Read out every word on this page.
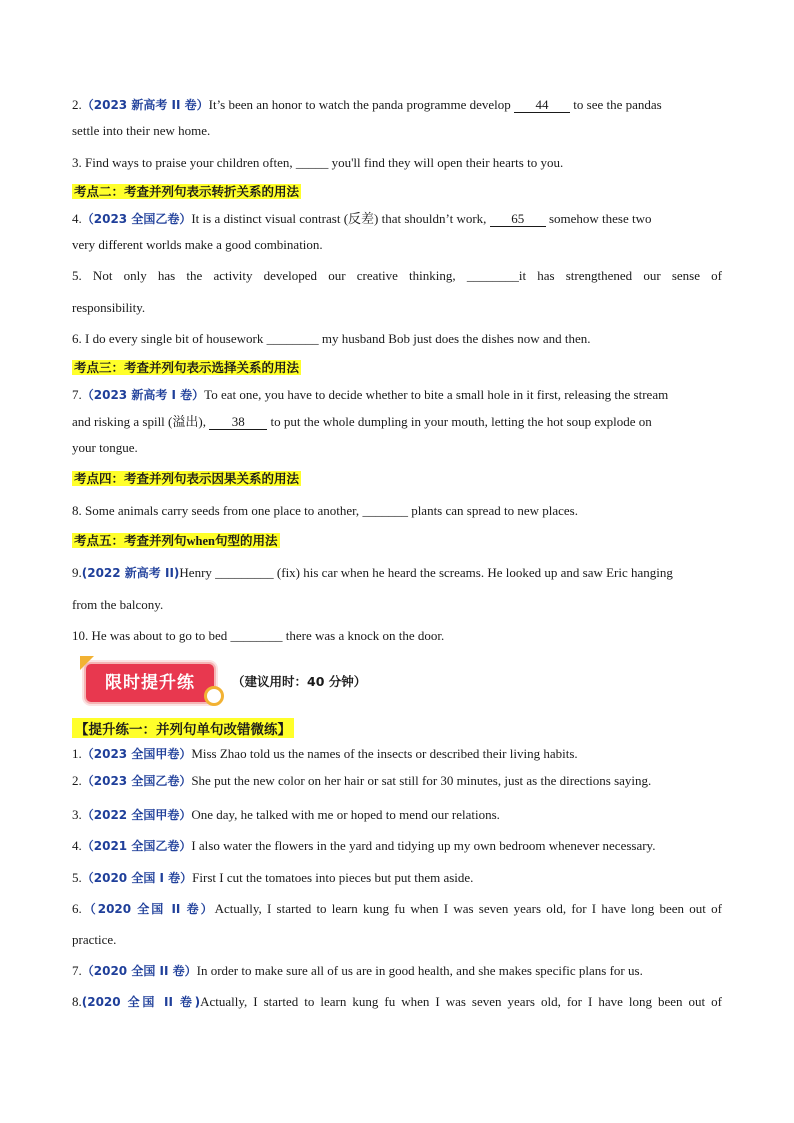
2.（2023 新高考 II 卷）It’s been an honor to watch the panda programme develop 44 to see the pandas
settle into their new home.
3. Find ways to praise your children often, _____ you'll find they will open their hearts to you.
考点二：考查并列句表示转折关系的用法
4.（2023 全国乙卷）It is a distinct visual contrast (反差) that shouldn’t work, 65 somehow these two
very different worlds make a good combination.
5. Not only has the activity developed our creative thinking, ________it has strengthened our sense of
responsibility.
6. I do every single bit of housework ________ my husband Bob just does the dishes now and then.
考点三：考查并列句表示选择关系的用法
7.（2023 新高考 I 卷）To eat one, you have to decide whether to bite a small hole in it first, releasing the stream
and risking a spill (溢出), 38 to put the whole dumpling in your mouth, letting the hot soup explode on
your tongue.
考点四：考查并列句表示因果关系的用法
8. Some animals carry seeds from one place to another, _______ plants can spread to new places.
考点五：考查并列句when句型的用法
9.(2022 新高考 II)Henry _________ (fix) his car when he heard the screams. He looked up and saw Eric hanging
from the balcony.
10. He was about to go to bed ________ there was a knock on the door.
限时提升练	（建议用时：40 分钟）
【提升练一：并列句单句改错微练】
1.（2023 全国甲卷）Miss Zhao told us the names of the insects or described their living habits.
2.（2023 全国乙卷）She put the new color on her hair or sat still for 30 minutes, just as the directions saying.
3.（2022 全国甲卷）One day, he talked with me or hoped to mend our relations.
4.（2021 全国乙卷）I also water the flowers in the yard and tidying up my own bedroom whenever necessary.
5.（2020 全国 I 卷）First I cut the tomatoes into pieces but put them aside.
6.（2020 全国 II 卷）Actually, I started to learn kung fu when I was seven years old, for I have long been out of
practice.
7.（2020 全国 II 卷）In order to make sure all of us are in good health, and she makes specific plans for us.
8.(2020 全国 II 卷)Actually, I started to learn kung fu when I was seven years old, for I have long been out of
